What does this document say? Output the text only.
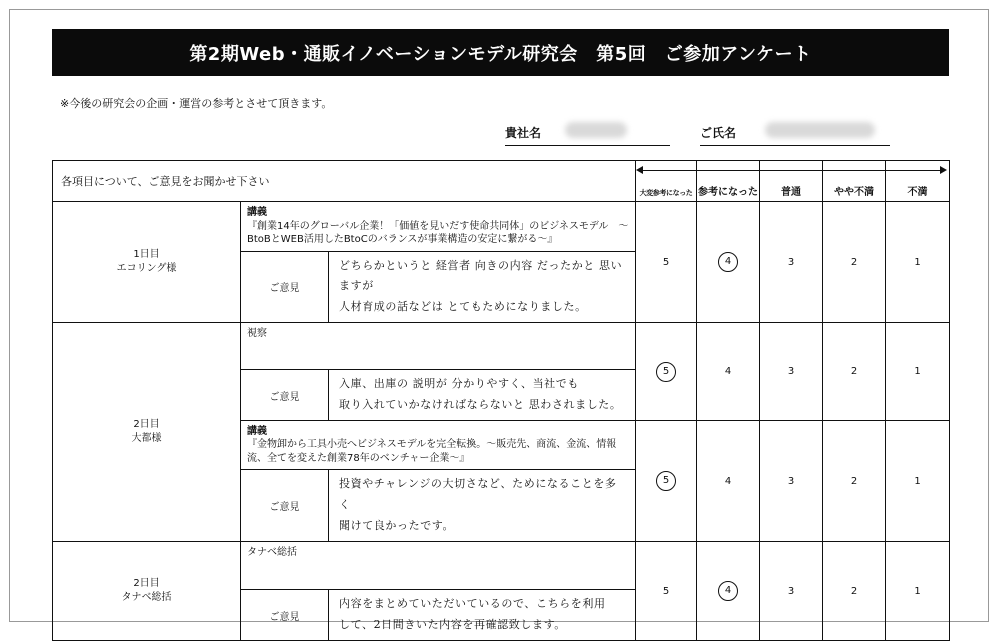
第2期Web・通販イノベーションモデル研究会　第5回　ご参加アンケート
※今後の研究会の企画・運営の参考とさせて頂きます。
貴社名	ご氏名
各項目について、ご意見をお聞かせ下さい			大変参考になった	参考になった	普通	やや不満	不満
1日目
エコリング様	講義
『創業14年のグローバル企業！「価値を見いだす使命共同体」のビジネスモデル　～BtoBとWEB活用したBtoCのバランスが事業構造の安定に繋がる～』		5	4	3	2	1
	ご意見	どちらかというと 経営者 向きの内容 だったかと 思いますが
人材育成の話などは とてもためになりました。					
2日目
大都様	視察		5	4	3	2	1
	ご意見	入庫、出庫の 説明が 分かりやすく、当社でも
取り入れていかなければならないと 思わされました。					

	講義
『金物卸から工具小売へビジネスモデルを完全転換。～販売先、商流、金流、情報流、全てを変えた創業78年のベンチャー企業～』		5	4	3	2	1
	ご意見	投資やチャレンジの大切さなど、ためになることを多く
聞けて良かったです。					
2日目
タナベ総括	タナベ総括		5	4	3	2	1
	ご意見	内容をまとめていただいているので、こちらを利用
して、2日間きいた内容を再確認致します。					
